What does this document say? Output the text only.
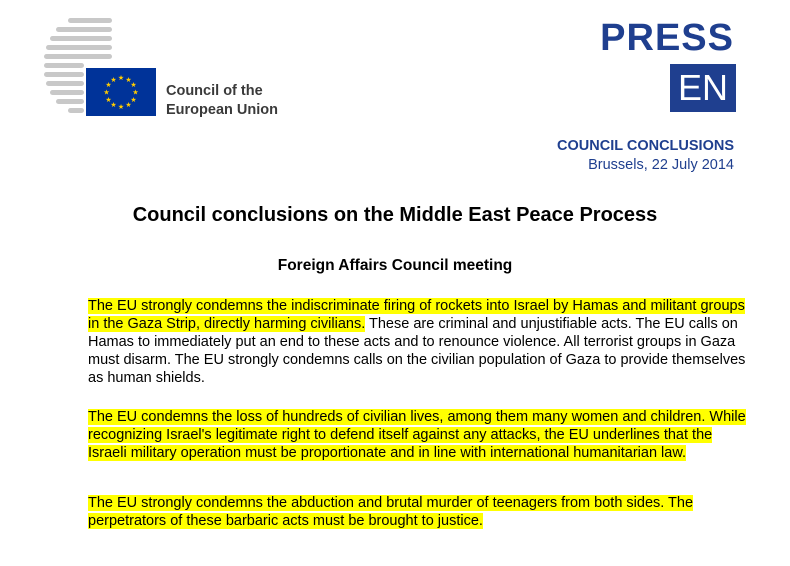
★ ★
★
★
★
★
★
★
★
★
★
★
Council of the
European Union
PRESS
EN
COUNCIL CONCLUSIONS
Brussels, 22 July 2014
Council conclusions on the Middle East Peace Process
Foreign Affairs Council meeting

The EU strongly condemns the indiscriminate firing of rockets into Israel by Hamas and militant groups in the Gaza Strip, directly harming civilians. These are criminal and unjustifiable acts. The EU calls on Hamas to immediately put an end to these acts and to renounce violence. All terrorist groups in Gaza must disarm. The EU strongly condemns calls on the civilian population of Gaza to provide themselves as human shields.

The EU condemns the loss of hundreds of civilian lives, among them many women and children. While recognizing Israel's legitimate right to defend itself against any attacks, the EU underlines that the Israeli military operation must be proportionate and in line with international humanitarian law.

The EU strongly condemns the abduction and brutal murder of teenagers from both sides. The perpetrators of these barbaric acts must be brought to justice.
